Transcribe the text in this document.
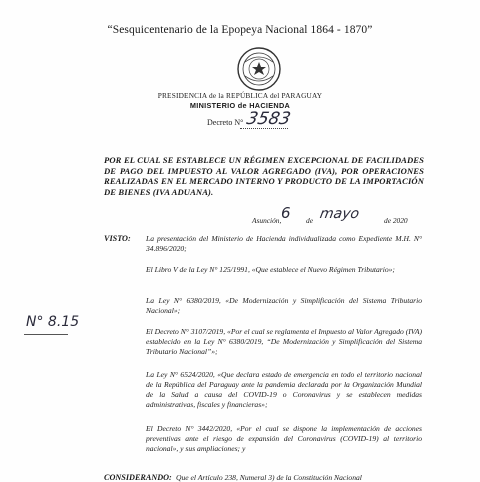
“Sesquicentenario de la Epopeya Nacional 1864 - 1870”
PRESIDENCIA de la REPÚBLICA del PARAGUAY
MINISTERIO de HACIENDA
Decreto N° 3583
POR EL CUAL SE ESTABLECE UN RÉGIMEN EXCEPCIONAL DE FACILIDADES DE PAGO DEL IMPUESTO AL VALOR AGREGADO (IVA), POR OPERACIONES REALIZADAS EN EL MERCADO INTERNO Y PRODUCTO DE LA IMPORTACIÓN DE BIENES (IVA ADUANA).
6
Asunción,	de mayo	de 2020
VISTO: La presentación del Ministerio de Hacienda individualizada como Expediente M.H. N° 34.896/2020;
El Libro V de la Ley N° 125/1991, «Que establece el Nuevo Régimen Tributario»;
La Ley N° 6380/2019, «De Modernización y Simplificación del Sistema Tributario Nacional»;
El Decreto N° 3107/2019, «Por el cual se reglamenta el Impuesto al Valor Agregado (IVA) establecido en la Ley N° 6380/2019, “De Modernización y Simplificación del Sistema Tributario Nacional”»;
La Ley N° 6524/2020, «Que declara estado de emergencia en todo el territorio nacional de la República del Paraguay ante la pandemia declarada por la Organización Mundial de la Salud a causa del COVID-19 o Coronavirus y se establecen medidas administrativas, fiscales y financieras»;
El Decreto N° 3442/2020, «Por el cual se dispone la implementación de acciones preventivas ante el riesgo de expansión del Coronavirus (COVID-19) al territorio nacional», y sus ampliaciones; y
N° 8.15
CONSIDERANDO: Que el Artículo 238, Numeral 3) de la Constitución Nacional
